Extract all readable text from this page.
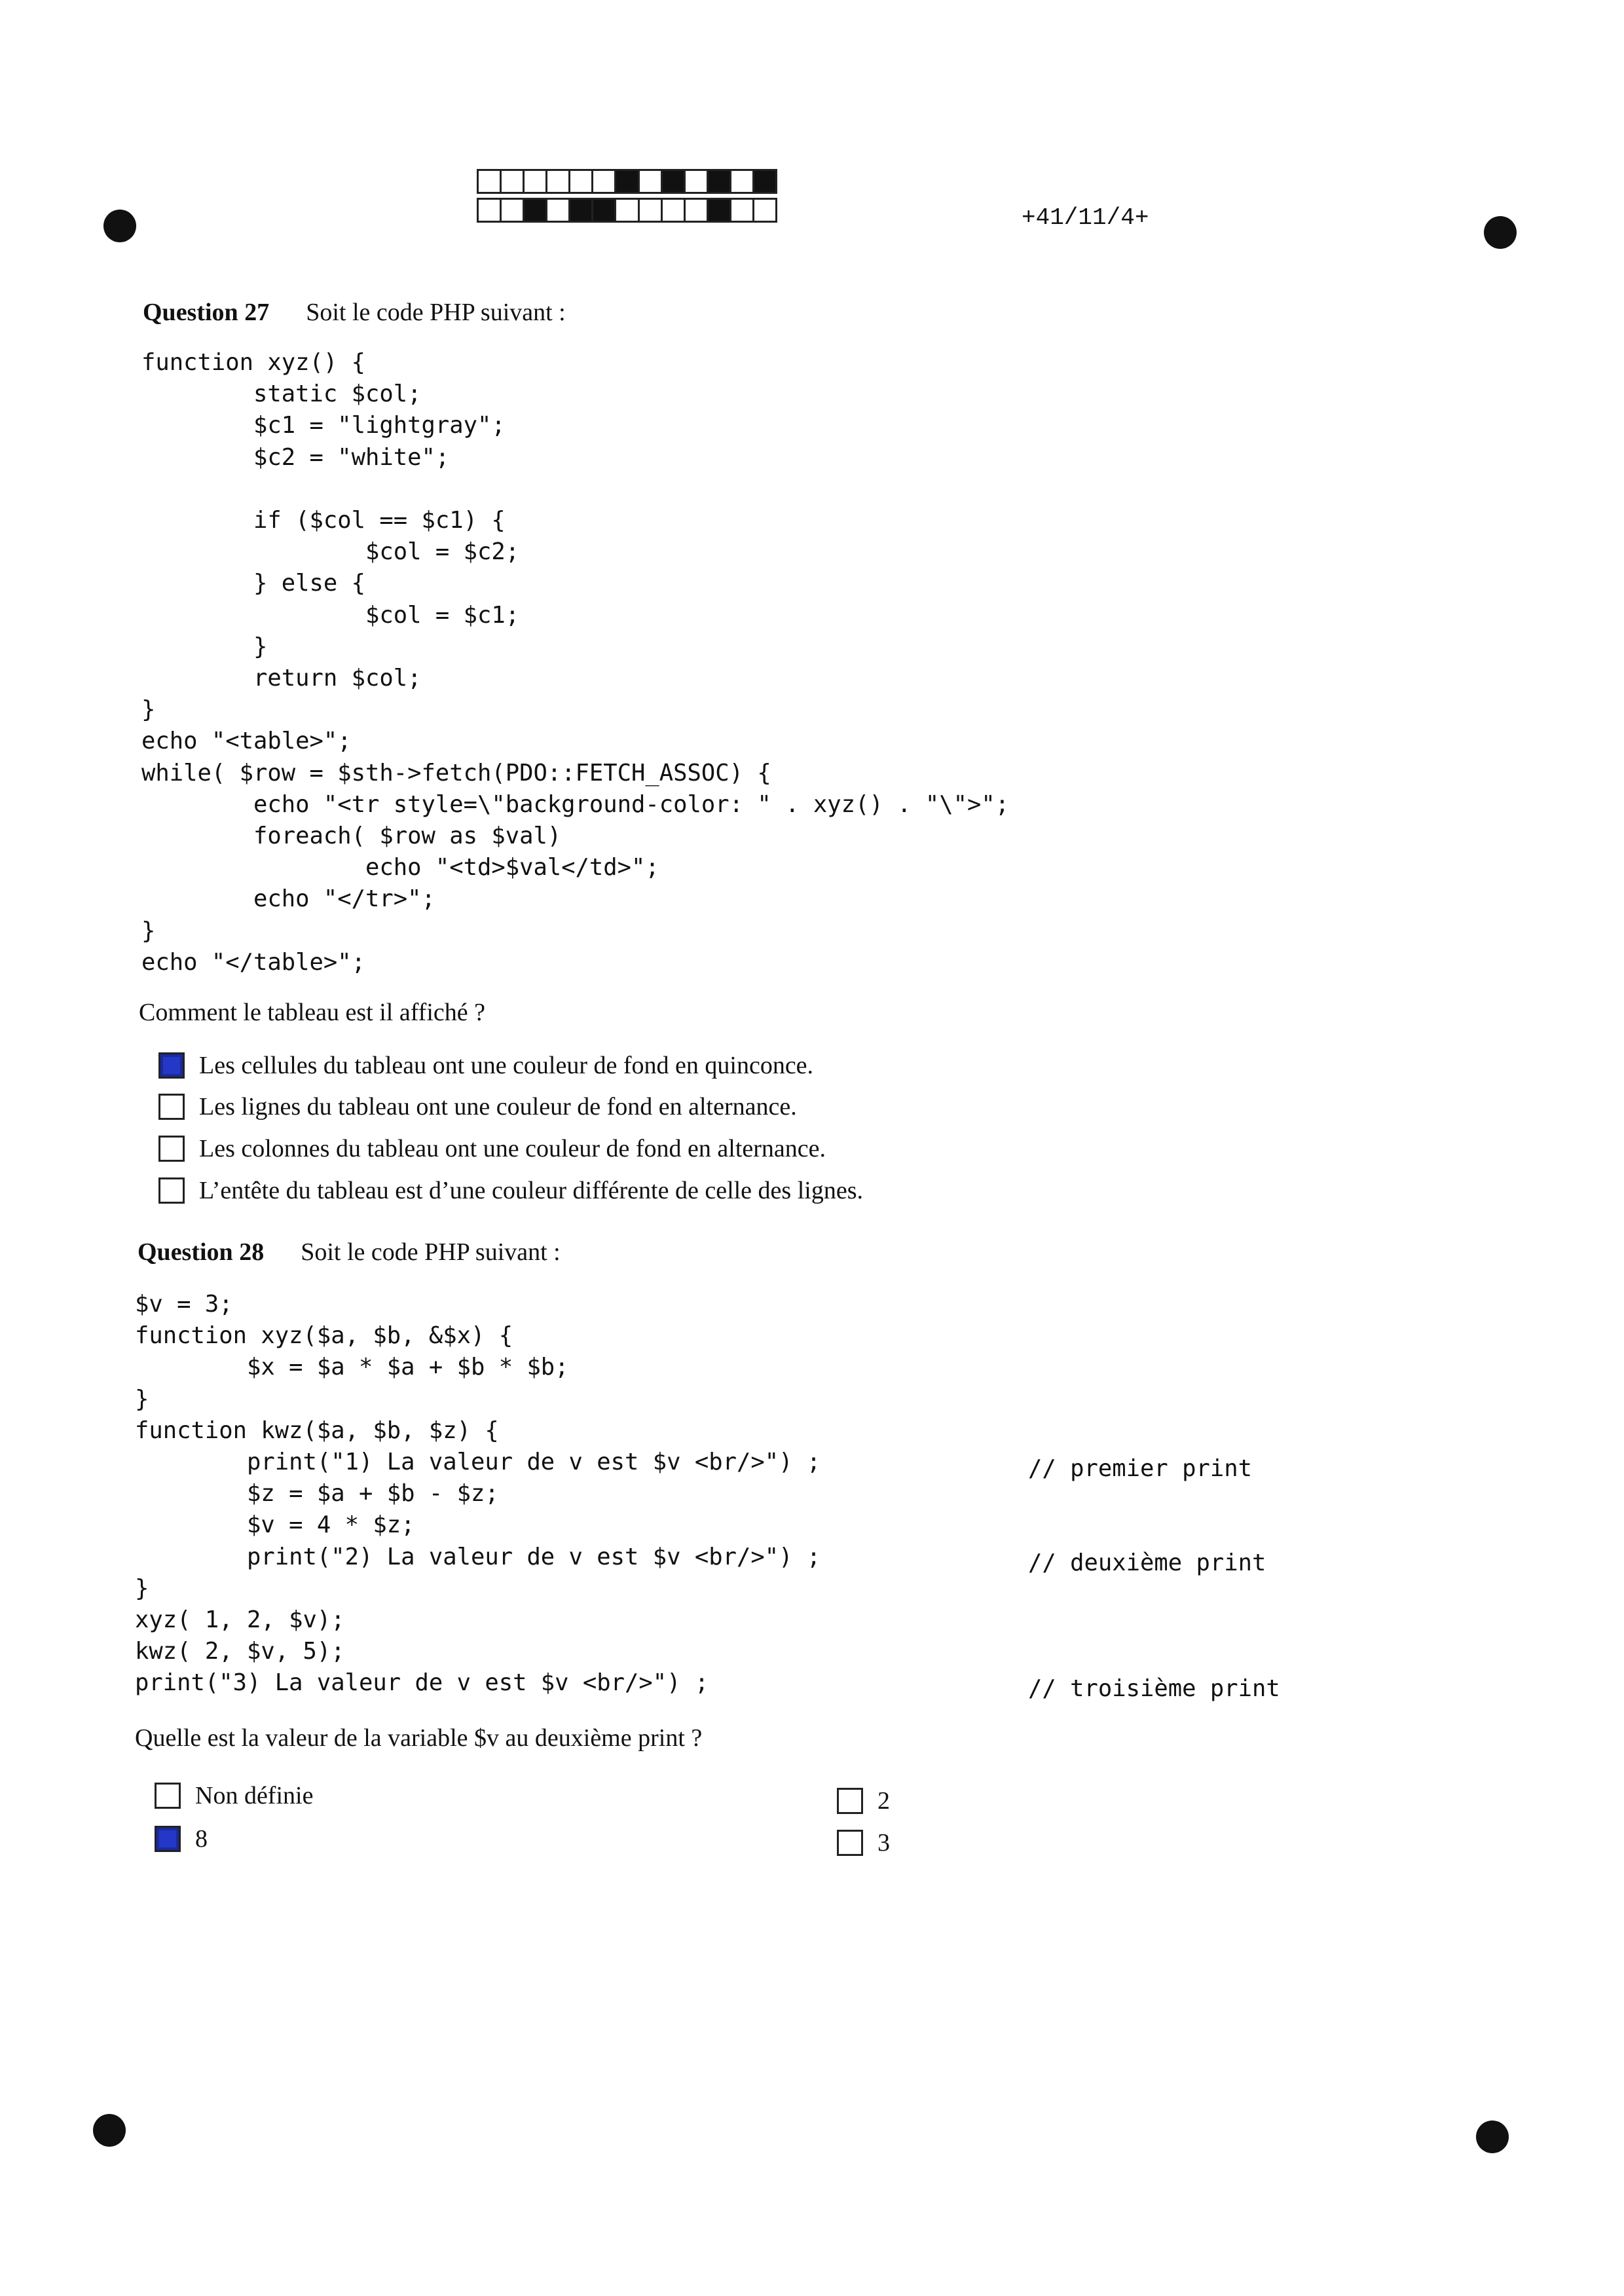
+41/11/4+
Question 27 Soit le code PHP suivant :
function xyz() {
static $col;
$c1 = "lightgray";
$c2 = "white";

if ($col == $c1) {
$col = $c2;
} else {
$col = $c1;
}
return $col;
}
echo "<table>";
while( $row = $sth->fetch(PDO::FETCH_ASSOC) {
echo "<tr style=\"background-color: " . xyz() . "\">";
foreach( $row as $val)
echo "<td>$val</td>";
echo "</tr>";
}
echo "</table>";
Comment le tableau est il affiché ?
Les cellules du tableau ont une couleur de fond en quinconce.
Les lignes du tableau ont une couleur de fond en alternance.
Les colonnes du tableau ont une couleur de fond en alternance.
L’entête du tableau est d’une couleur différente de celle des lignes.
Question 28 Soit le code PHP suivant :
$v = 3;
function xyz($a, $b, &$x) {
$x = $a * $a + $b * $b;
}
function kwz($a, $b, $z) {
print("1) La valeur de v est $v <br/>") ;
$z = $a + $b - $z;
$v = 4 * $z;
print("2) La valeur de v est $v <br/>") ;
}
xyz( 1, 2, $v);
kwz( 2, $v, 5);
print("3) La valeur de v est $v <br/>") ;
// premier print
// deuxième print
// troisième print
Quelle est la valeur de la variable $v au deuxième print ?
Non définie
8
2
3
